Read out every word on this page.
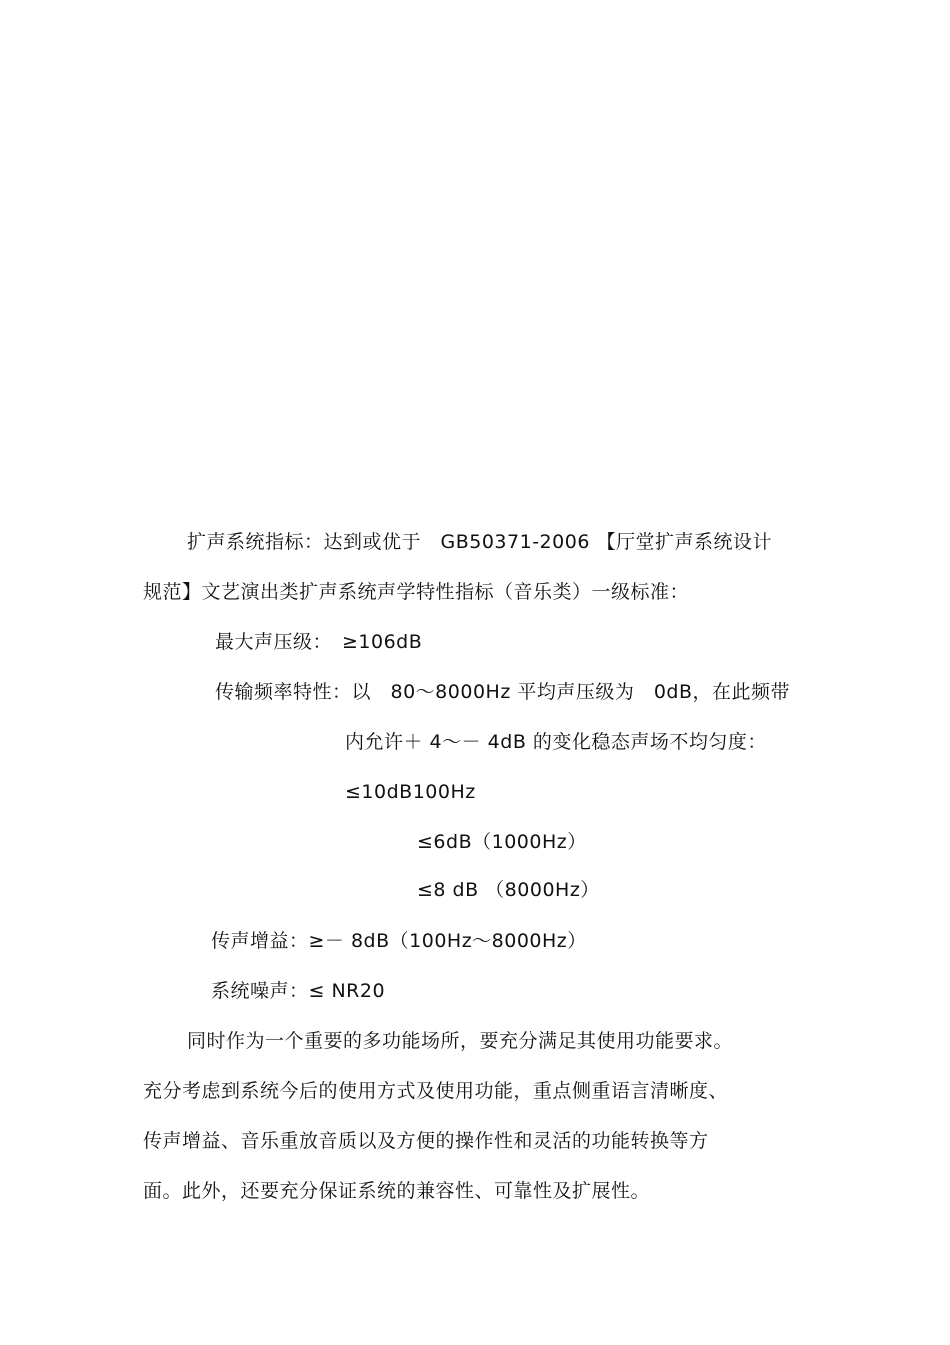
扩声系统指标：达到或优于　GB50371-2006 【厅堂扩声系统设计
规范】文艺演出类扩声系统声学特性指标（音乐类）一级标准：
最大声压级：　≥106dB
传输频率特性：以　80～8000Hz 平均声压级为　0dB，在此频带
内允许＋ 4～－ 4dB 的变化稳态声场不均匀度：
≤10dB100Hz
≤6dB（1000Hz）
≤8 dB （8000Hz）
传声增益：≥－ 8dB（100Hz～8000Hz）
系统噪声：≤ NR20
同时作为一个重要的多功能场所，要充分满足其使用功能要求。
充分考虑到系统今后的使用方式及使用功能，重点侧重语言清晰度、
传声增益、音乐重放音质以及方便的操作性和灵活的功能转换等方
面。此外，还要充分保证系统的兼容性、可靠性及扩展性。
